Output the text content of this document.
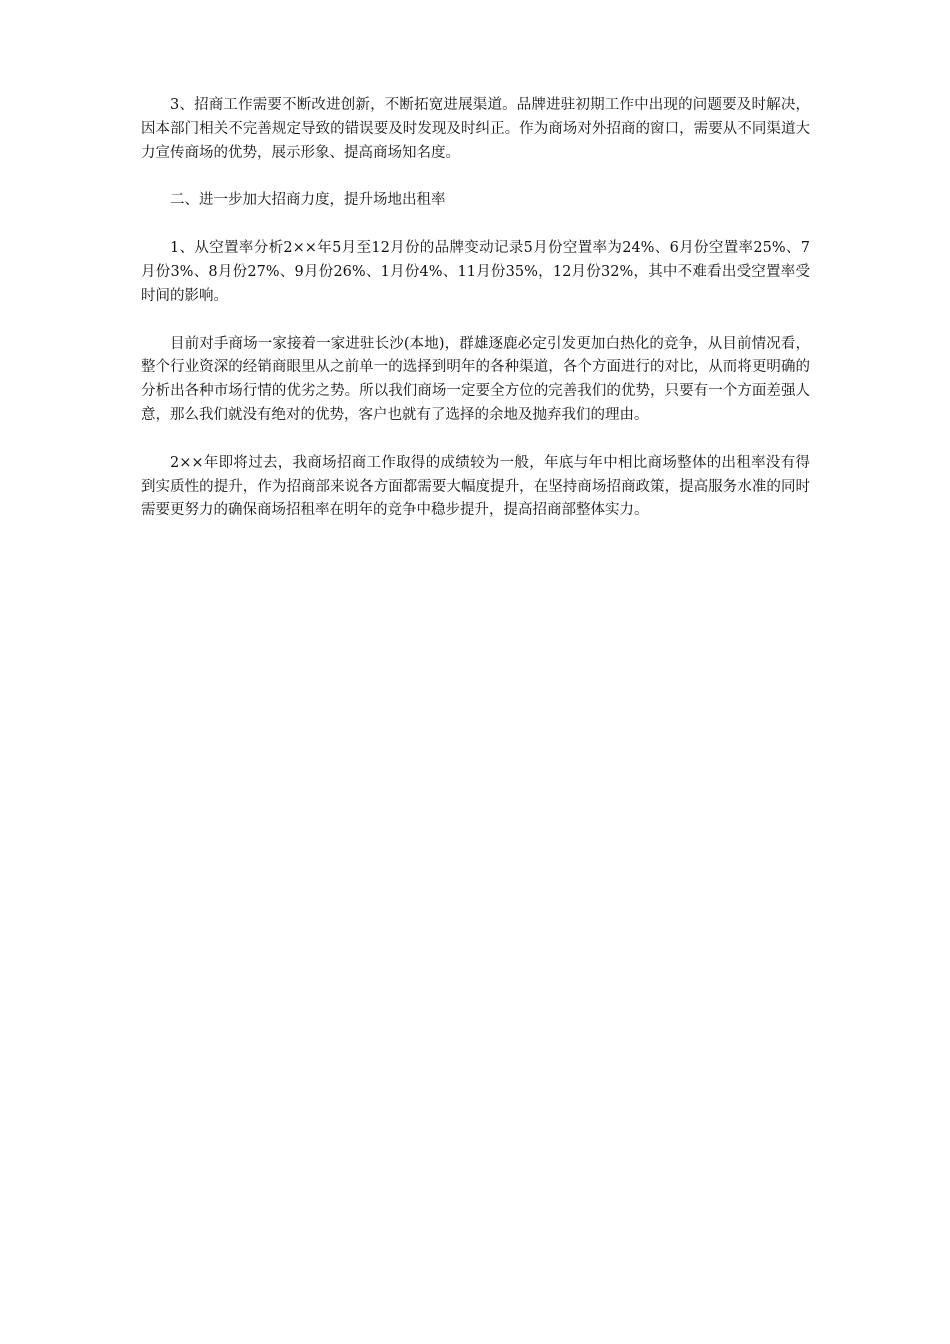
3、招商工作需要不断改进创新，不断拓宽进展渠道。品牌进驻初期工作中出现的问题要及时解决，因本部门相关不完善规定导致的错误要及时发现及时纠正。作为商场对外招商的窗口，需要从不同渠道大力宣传商场的优势，展示形象、提高商场知名度。

二、进一步加大招商力度，提升场地出租率

1、从空置率分析2××年5月至12月份的品牌变动记录5月份空置率为24%、6月份空置率25%、7月份3%、8月份27%、9月份26%、1月份4%、11月份35%，12月份32%，其中不难看出受空置率受时间的影响。

目前对手商场一家接着一家进驻长沙(本地)，群雄逐鹿必定引发更加白热化的竞争，从目前情况看，整个行业资深的经销商眼里从之前单一的选择到明年的各种渠道，各个方面进行的对比，从而将更明确的分析出各种市场行情的优劣之势。所以我们商场一定要全方位的完善我们的优势，只要有一个方面差强人意，那么我们就没有绝对的优势，客户也就有了选择的余地及抛弃我们的理由。

2××年即将过去，我商场招商工作取得的成绩较为一般，年底与年中相比商场整体的出租率没有得到实质性的提升，作为招商部来说各方面都需要大幅度提升，在坚持商场招商政策，提高服务水准的同时需要更努力的确保商场招租率在明年的竞争中稳步提升，提高招商部整体实力。
